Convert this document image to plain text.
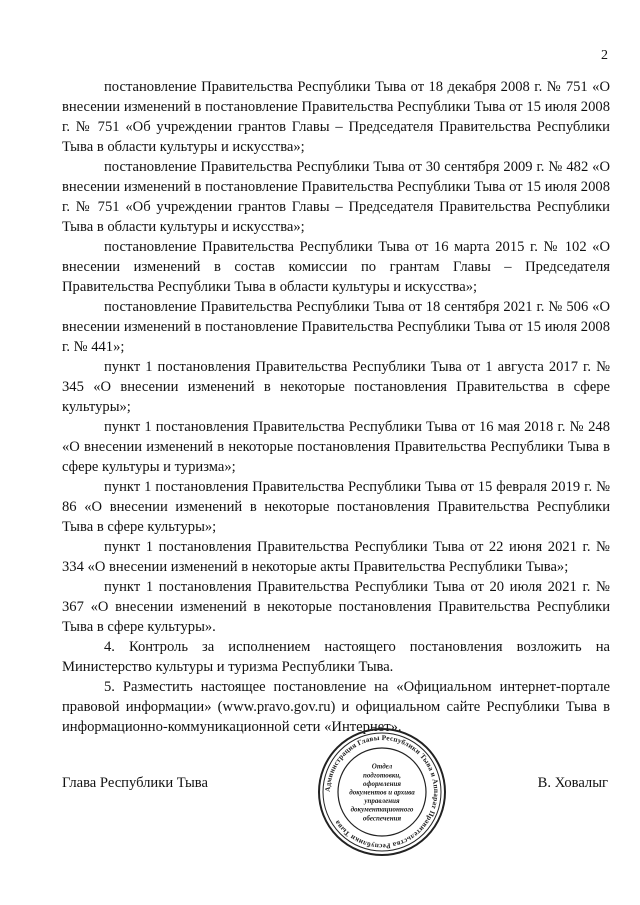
2

постановление Правительства Республики Тыва от 18 декабря 2008 г. № 751 «О внесении изменений в постановление Правительства Республики Тыва от 15 июля 2008 г. № 751 «Об учреждении грантов Главы – Председателя Правительства Республики Тыва в области культуры и искусства»;

постановление Правительства Республики Тыва от 30 сентября 2009 г. № 482 «О внесении изменений в постановление Правительства Республики Тыва от 15 июля 2008 г. № 751 «Об учреждении грантов Главы – Председателя Правительства Республики Тыва в области культуры и искусства»;

постановление Правительства Республики Тыва от 16 марта 2015 г. № 102 «О внесении изменений в состав комиссии по грантам Главы – Председателя Правительства Республики Тыва в области культуры и искусства»;

постановление Правительства Республики Тыва от 18 сентября 2021 г. № 506 «О внесении изменений в постановление Правительства Республики Тыва от 15 июля 2008 г. № 441»;

пункт 1 постановления Правительства Республики Тыва от 1 августа 2017 г. № 345 «О внесении изменений в некоторые постановления Правительства в сфере культуры»;

пункт 1 постановления Правительства Республики Тыва от 16 мая 2018 г. № 248 «О внесении изменений в некоторые постановления Правительства Республики Тыва в сфере культуры и туризма»;

пункт 1 постановления Правительства Республики Тыва от 15 февраля 2019 г. № 86 «О внесении изменений в некоторые постановления Правительства Республики Тыва в сфере культуры»;

пункт 1 постановления Правительства Республики Тыва от 22 июня 2021 г. № 334 «О внесении изменений в некоторые акты Правительства Республики Тыва»;

пункт 1 постановления Правительства Республики Тыва от 20 июля 2021 г. № 367 «О внесении изменений в некоторые постановления Правительства Республики Тыва в сфере культуры».

4. Контроль за исполнением настоящего постановления возложить на Министерство культуры и туризма Республики Тыва.

5. Разместить настоящее постановление на «Официальном интернет-портале правовой информации» (www.pravo.gov.ru) и официальном сайте Республики Тыва в информационно-коммуникационной сети «Интернет».

Глава Республики Тыва	В. Ховалыг
Администрация Главы Республики Тыва и Аппарат Правительства Республики Тыва
Отдел
подготовки,
оформления
документов и архива
управления
документационного
обеспечения
